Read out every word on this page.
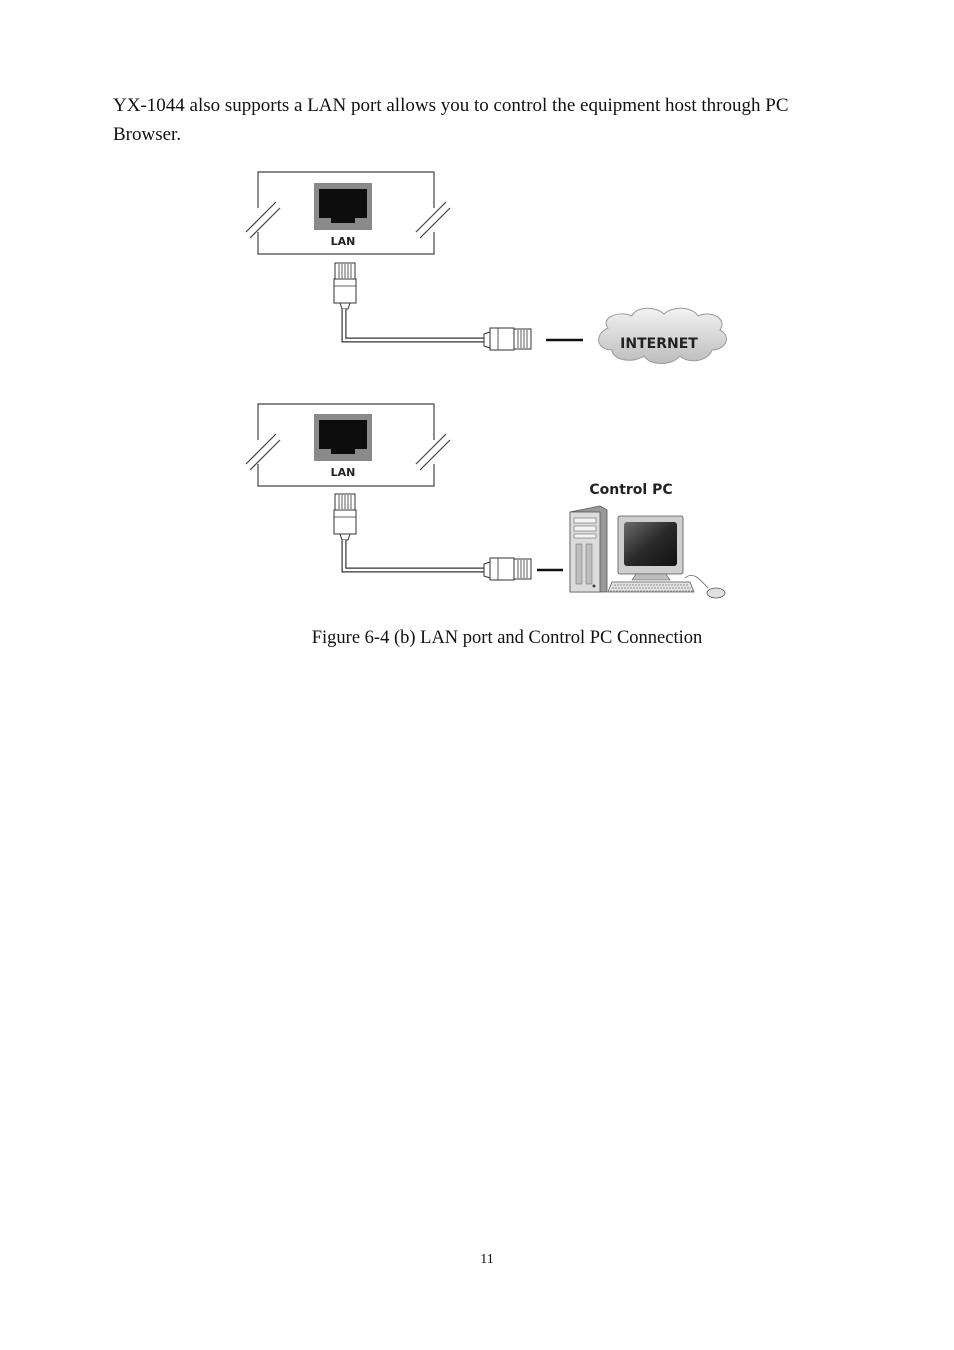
YX-1044 also supports a LAN port allows you to control the equipment host through PC Browser.

LAN
INTERNET
LAN
Control PC

Figure 6-4 (b) LAN port and Control PC Connection

11
